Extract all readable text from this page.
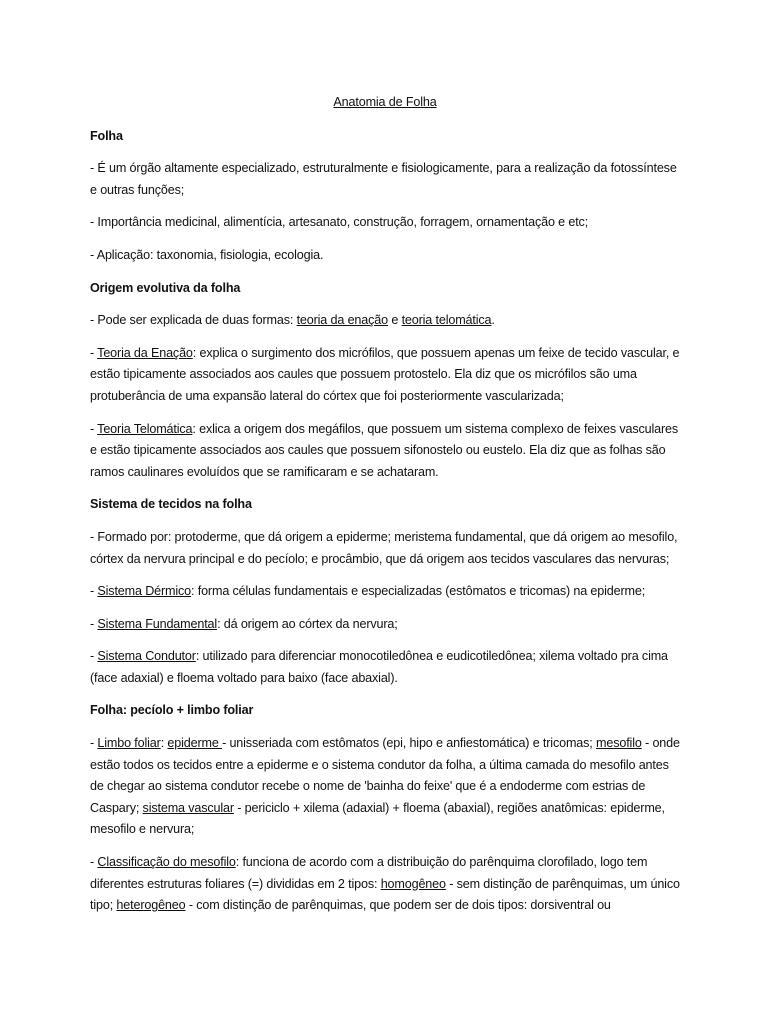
Anatomia de Folha

Folha

- É um órgão altamente especializado, estruturalmente e fisiologicamente, para a realização da fotossíntese e outras funções;

- Importância medicinal, alimentícia, artesanato, construção, forragem, ornamentação e etc;

- Aplicação: taxonomia, fisiologia, ecologia.

Origem evolutiva da folha

- Pode ser explicada de duas formas: teoria da enação e teoria telomática.

- Teoria da Enação: explica o surgimento dos micrófilos, que possuem apenas um feixe de tecido vascular, e estão tipicamente associados aos caules que possuem protostelo. Ela diz que os micrófilos são uma protuberância de uma expansão lateral do córtex que foi posteriormente vascularizada;

- Teoria Telomática: exlica a origem dos megáfilos, que possuem um sistema complexo de feixes vasculares e estão tipicamente associados aos caules que possuem sifonostelo ou eustelo. Ela diz que as folhas são ramos caulinares evoluídos que se ramificaram e se achataram.

Sistema de tecidos na folha

- Formado por: protoderme, que dá origem a epiderme; meristema fundamental, que dá origem ao mesofilo, córtex da nervura principal e do pecíolo; e procâmbio, que dá origem aos tecidos vasculares das nervuras;

- Sistema Dérmico: forma células fundamentais e especializadas (estômatos e tricomas) na epiderme;

- Sistema Fundamental: dá origem ao córtex da nervura;

- Sistema Condutor: utilizado para diferenciar monocotiledônea e eudicotiledônea; xilema voltado pra cima (face adaxial) e floema voltado para baixo (face abaxial).

Folha: pecíolo + limbo foliar

- Limbo foliar: epiderme - unisseriada com estômatos (epi, hipo e anfiestomática) e tricomas; mesofilo - onde estão todos os tecidos entre a epiderme e o sistema condutor da folha, a última camada do mesofilo antes de chegar ao sistema condutor recebe o nome de 'bainha do feixe' que é a endoderme com estrias de Caspary; sistema vascular - periciclo + xilema (adaxial) + floema (abaxial), regiões anatômicas: epiderme, mesofilo e nervura;

- Classificação do mesofilo: funciona de acordo com a distribuição do parênquima clorofilado, logo tem diferentes estruturas foliares (=) divididas em 2 tipos: homogêneo - sem distinção de parênquimas, um único tipo; heterogêneo - com distinção de parênquimas, que podem ser de dois tipos: dorsiventral ou
